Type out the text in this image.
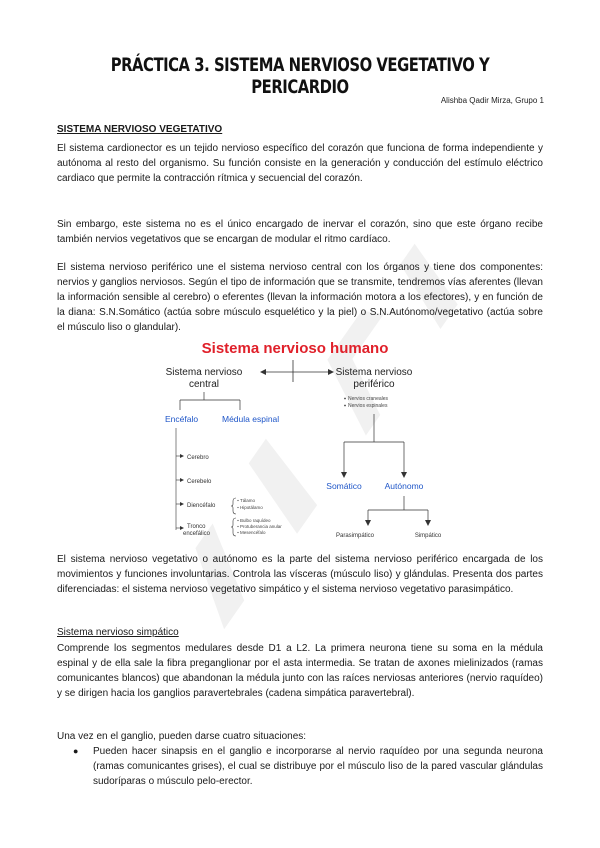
PRÁCTICA 3. SISTEMA NERVIOSO VEGETATIVO Y PERICARDIO
Alishba Qadir Mirza, Grupo 1
SISTEMA NERVIOSO VEGETATIVO
El sistema cardionector es un tejido nervioso específico del corazón que funciona de forma independiente y autónoma al resto del organismo. Su función consiste en la generación y conducción del estímulo eléctrico cardiaco que permite la contracción rítmica y secuencial del corazón.
Sin embargo, este sistema no es el único encargado de inervar el corazón, sino que este órgano recibe también nervios vegetativos que se encargan de modular el ritmo cardíaco.
El sistema nervioso periférico une el sistema nervioso central con los órganos y tiene dos componentes: nervios y ganglios nerviosos. Según el tipo de información que se transmite, tendremos vías aferentes (llevan la información sensible al cerebro) o eferentes (llevan la información motora a los efectores), y en función de la diana: S.N.Somático (actúa sobre músculo esquelético y la piel) o S.N.Autónomo/vegetativo (actúa sobre el músculo liso o glandular).
Sistema nervioso humano
Sistema nervioso
central
Sistema nervioso
periférico
Nervios craneales
Nervios espinales
Encéfalo	Médula espinal
Cerebro
Cerebelo
Diencéfalo
Tronco
encefálico
Tálamo
Hipotálamo
Bulbo raquídeo
Protuberancia anular
Mesencéfalo
Somático	Autónomo
Parasimpático	Simpático
El sistema nervioso vegetativo o autónomo es la parte del sistema nervioso periférico encargada de los movimientos y funciones involuntarias. Controla las vísceras (músculo liso) y glándulas. Presenta dos partes diferenciadas: el sistema nervioso vegetativo simpático y el sistema nervioso vegetativo parasimpático.
Sistema nervioso simpático
Comprende los segmentos medulares desde D1 a L2. La primera neurona tiene su soma en la médula espinal y de ella sale la fibra preganglionar por el asta intermedia. Se tratan de axones mielinizados (ramas comunicantes blancos) que abandonan la médula junto con las raíces nerviosas anteriores (nervio raquídeo) y se dirigen hacia los ganglios paravertebrales (cadena simpática paravertebral).
Una vez en el ganglio, pueden darse cuatro situaciones:
● Pueden hacer sinapsis en el ganglio e incorporarse al nervio raquídeo por una segunda neurona (ramas comunicantes grises), el cual se distribuye por el músculo liso de la pared vascular glándulas sudoríparas o músculo pelo-erector.
